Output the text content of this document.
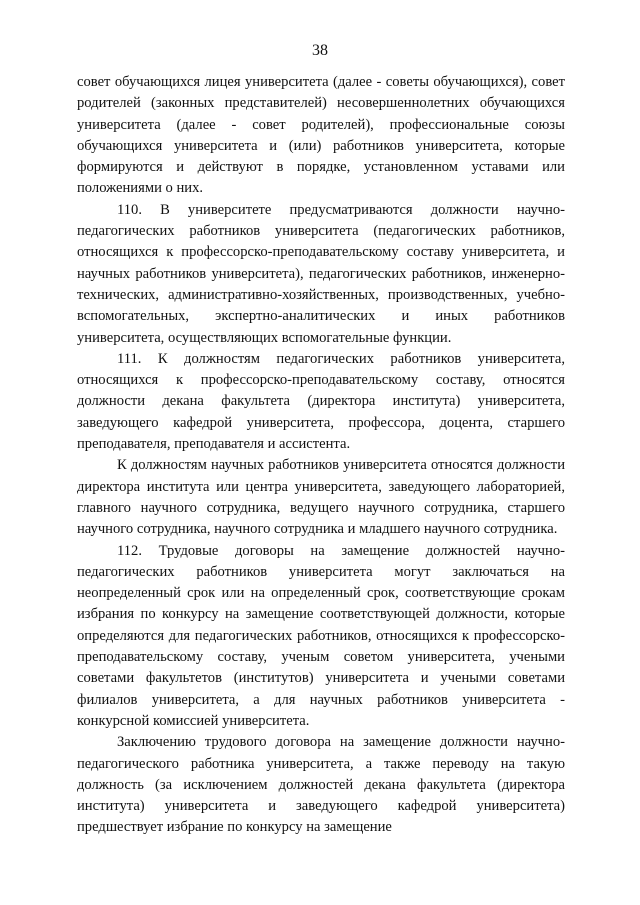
38

совет обучающихся лицея университета (далее - советы обучающихся), совет родителей (законных представителей) несовершеннолетних обучающихся университета (далее - совет родителей), профессиональные союзы обучающихся университета и (или) работников университета, которые формируются и действуют в порядке, установленном уставами или положениями о них.

110. В университете предусматриваются должности научно-педагогических работников университета (педагогических работников, относящихся к профессорско-преподавательскому составу университета, и научных работников университета), педагогических работников, инженерно-технических, административно-хозяйственных, производственных, учебно-вспомогательных, экспертно-аналитических и иных работников университета, осуществляющих вспомогательные функции.

111. К должностям педагогических работников университета, относящихся к профессорско-преподавательскому составу, относятся должности декана факультета (директора института) университета, заведующего кафедрой университета, профессора, доцента, старшего преподавателя, преподавателя и ассистента.

К должностям научных работников университета относятся должности директора института или центра университета, заведующего лабораторией, главного научного сотрудника, ведущего научного сотрудника, старшего научного сотрудника, научного сотрудника и младшего научного сотрудника.

112. Трудовые договоры на замещение должностей научно-педагогических работников университета могут заключаться на неопределенный срок или на определенный срок, соответствующие срокам избрания по конкурсу на замещение соответствующей должности, которые определяются для педагогических работников, относящихся к профессорско-преподавательскому составу, ученым советом университета, учеными советами факультетов (институтов) университета и учеными советами филиалов университета, а для научных работников университета - конкурсной комиссией университета.

Заключению трудового договора на замещение должности научно-педагогического работника университета, а также переводу на такую должность (за исключением должностей декана факультета (директора института) университета и заведующего кафедрой университета) предшествует избрание по конкурсу на замещение
